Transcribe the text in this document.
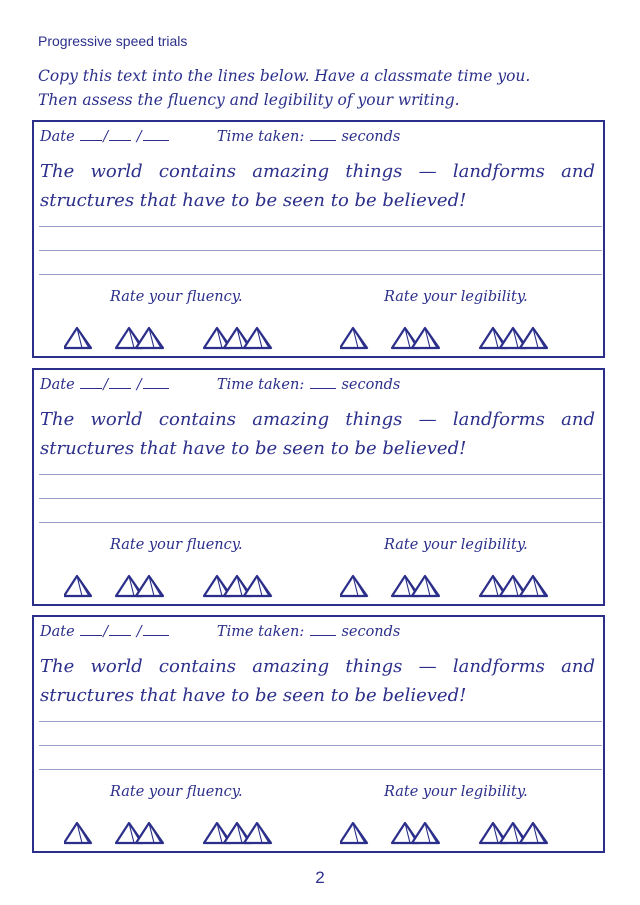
Progressive speed trials
Copy this text into the lines below. Have a classmate time you.
Then assess the fluency and legibility of your writing.
Date / /	Time taken:	seconds
The world contains amazing things — landforms and structures that have to be seen to be believed!
Rate your fluency.	Rate your legibility.
Date / /	Time taken:	seconds
The world contains amazing things — landforms and structures that have to be seen to be believed!
Rate your fluency.	Rate your legibility.
Date / /	Time taken:	seconds
The world contains amazing things — landforms and structures that have to be seen to be believed!
Rate your fluency.	Rate your legibility.
2
